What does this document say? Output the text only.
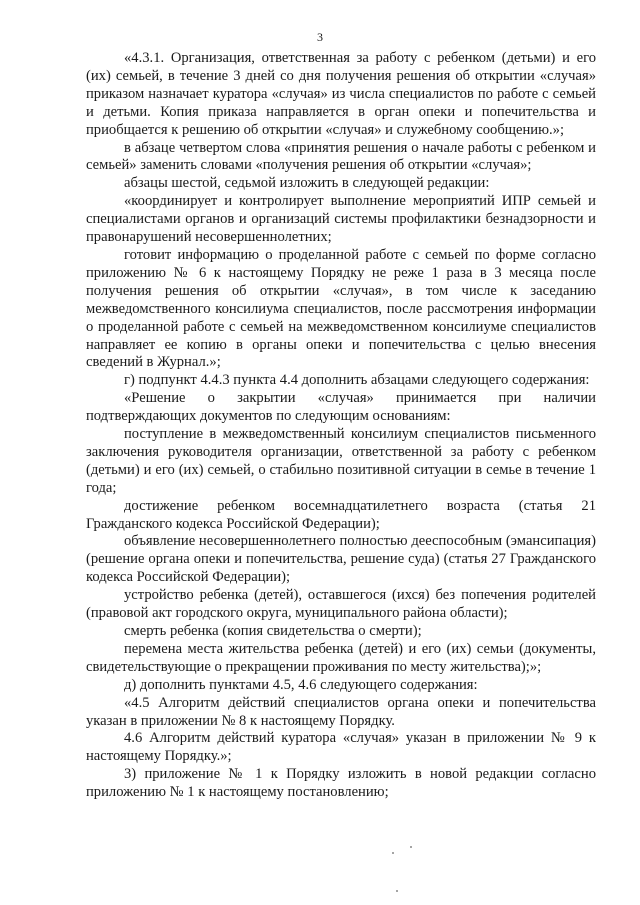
3

«4.3.1. Организация, ответственная за работу с ребенком (детьми) и его (их) семьей, в течение 3 дней со дня получения решения об открытии «случая» приказом назначает куратора «случая» из числа специалистов по работе с семьей и детьми. Копия приказа направляется в орган опеки и попечительства и приобщается к решению об открытии «случая» и служебному сообщению.»;

в абзаце четвертом слова «принятия решения о начале работы с ребенком и семьей» заменить словами «получения решения об открытии «случая»;

абзацы шестой, седьмой изложить в следующей редакции:

«координирует и контролирует выполнение мероприятий ИПР семьей и специалистами органов и организаций системы профилактики безнадзорности и правонарушений несовершеннолетних;

готовит информацию о проделанной работе с семьей по форме согласно приложению № 6 к настоящему Порядку не реже 1 раза в 3 месяца после получения решения об открытии «случая», в том числе к заседанию межведомственного консилиума специалистов, после рассмотрения информации о проделанной работе с семьей на межведомственном консилиуме специалистов направляет ее копию в органы опеки и попечительства с целью внесения сведений в Журнал.»;

г) подпункт 4.4.3 пункта 4.4 дополнить абзацами следующего содержания:

«Решение о закрытии «случая» принимается при наличии подтверждающих документов по следующим основаниям:

поступление в межведомственный консилиум специалистов письменного заключения руководителя организации, ответственной за работу с ребенком (детьми) и его (их) семьей, о стабильно позитивной ситуации в семье в течение 1 года;

достижение ребенком восемнадцатилетнего возраста (статья 21 Гражданского кодекса Российской Федерации);

объявление несовершеннолетнего полностью дееспособным (эмансипация) (решение органа опеки и попечительства, решение суда) (статья 27 Гражданского кодекса Российской Федерации);

устройство ребенка (детей), оставшегося (ихся) без попечения родителей (правовой акт городского округа, муниципального района области);

смерть ребенка (копия свидетельства о смерти);

перемена места жительства ребенка (детей) и его (их) семьи (документы, свидетельствующие о прекращении проживания по месту жительства);»;

д) дополнить пунктами 4.5, 4.6 следующего содержания:

«4.5 Алгоритм действий специалистов органа опеки и попечительства указан в приложении № 8 к настоящему Порядку.

4.6 Алгоритм действий куратора «случая» указан в приложении № 9 к настоящему Порядку.»;

3) приложение № 1 к Порядку изложить в новой редакции согласно приложению № 1 к настоящему постановлению;
